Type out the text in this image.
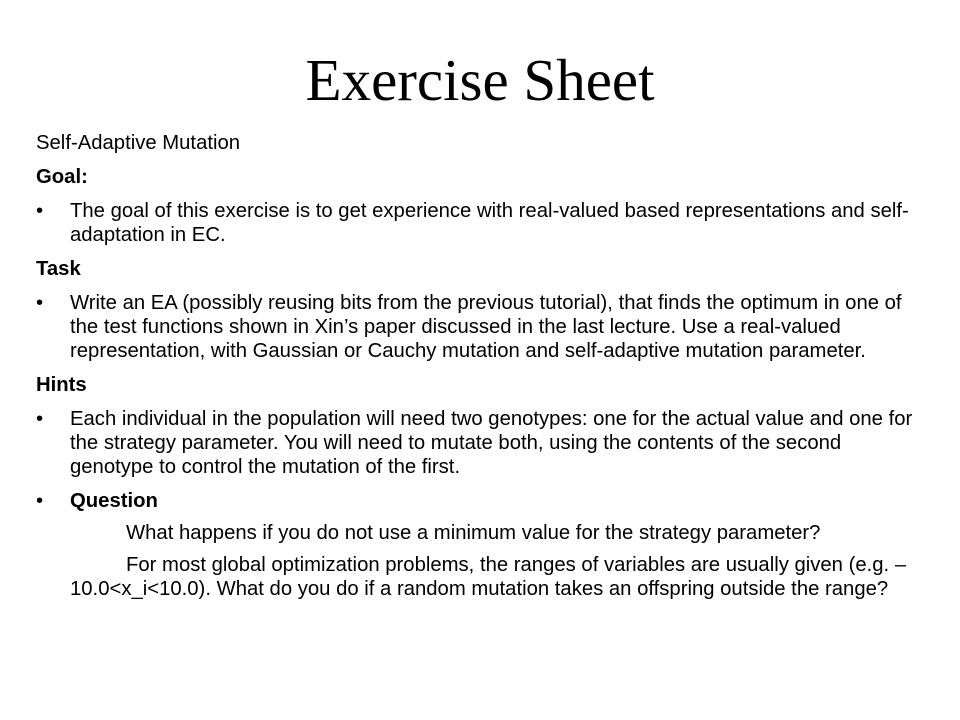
Exercise Sheet

Self-Adaptive Mutation

Goal:

• The goal of this exercise is to get experience with real-valued based representations and self-adaptation in EC.

Task

• Write an EA (possibly reusing bits from the previous tutorial), that finds the optimum in one of the test functions shown in Xin’s paper discussed in the last lecture. Use a real-valued representation, with Gaussian or Cauchy mutation and self-adaptive mutation parameter.

Hints

• Each individual in the population will need two genotypes: one for the actual value and one for the strategy parameter. You will need to mutate both, using the contents of the second genotype to control the mutation of the first.
• Question

What happens if you do not use a minimum value for the strategy parameter?

For most global optimization problems, the ranges of variables are usually given (e.g. –10.0<x_i<10.0). What do you do if a random mutation takes an offspring outside the range?
